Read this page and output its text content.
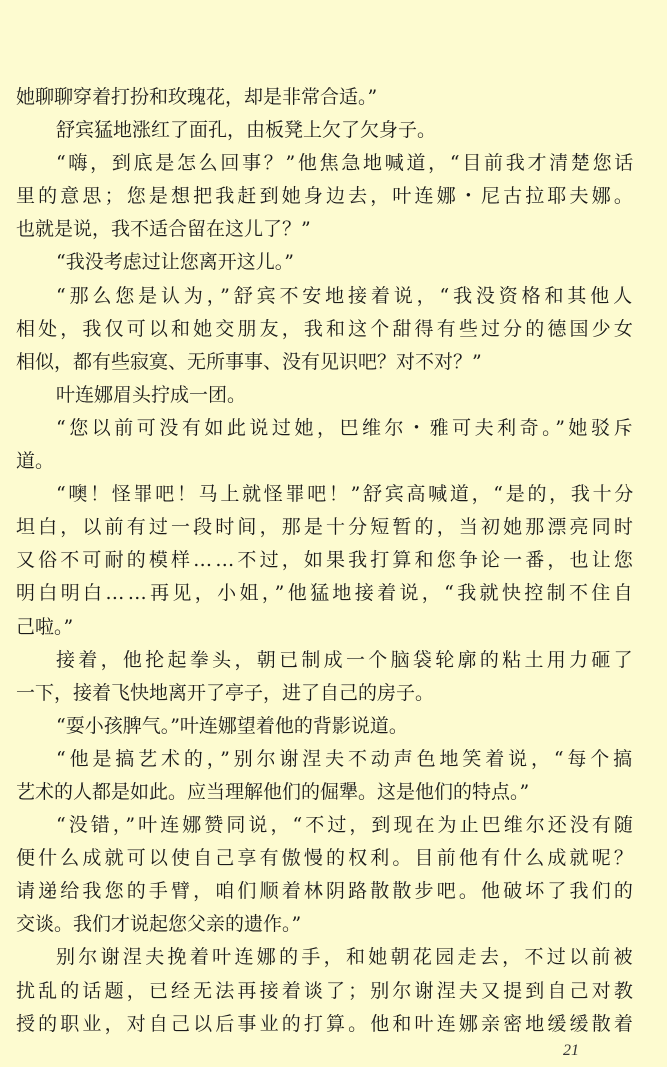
她聊聊穿着打扮和玫瑰花，却是非常合适。”
舒宾猛地涨红了面孔，由板凳上欠了欠身子。
“嗨，到底是怎么回事？”他焦急地喊道，“目前我才清楚您话
里的意思；您是想把我赶到她身边去，叶连娜・尼古拉耶夫娜。
也就是说，我不适合留在这儿了？”
“我没考虑过让您离开这儿。”
“那么您是认为，”舒宾不安地接着说，“我没资格和其他人
相处，我仅可以和她交朋友，我和这个甜得有些过分的德国少女
相似，都有些寂寞、无所事事、没有见识吧？对不对？”
叶连娜眉头拧成一团。
“您以前可没有如此说过她，巴维尔・雅可夫利奇。”她驳斥
道。
“噢！怪罪吧！马上就怪罪吧！”舒宾高喊道，“是的，我十分
坦白，以前有过一段时间，那是十分短暂的，当初她那漂亮同时
又俗不可耐的模样……不过，如果我打算和您争论一番，也让您
明白明白……再见，小姐，”他猛地接着说，“我就快控制不住自
己啦。”
接着，他抡起拳头，朝已制成一个脑袋轮廓的粘土用力砸了
一下，接着飞快地离开了亭子，进了自己的房子。
“耍小孩脾气。”叶连娜望着他的背影说道。
“他是搞艺术的，”别尔谢涅夫不动声色地笑着说，“每个搞
艺术的人都是如此。应当理解他们的倔犟。这是他们的特点。”
“没错，”叶连娜赞同说，“不过，到现在为止巴维尔还没有随
便什么成就可以使自己享有傲慢的权利。目前他有什么成就呢？
请递给我您的手臂，咱们顺着林阴路散散步吧。他破坏了我们的
交谈。我们才说起您父亲的遗作。”
别尔谢涅夫挽着叶连娜的手，和她朝花园走去，不过以前被
扰乱的话题，已经无法再接着谈了；别尔谢涅夫又提到自己对教
授的职业，对自己以后事业的打算。他和叶连娜亲密地缓缓散着
21
